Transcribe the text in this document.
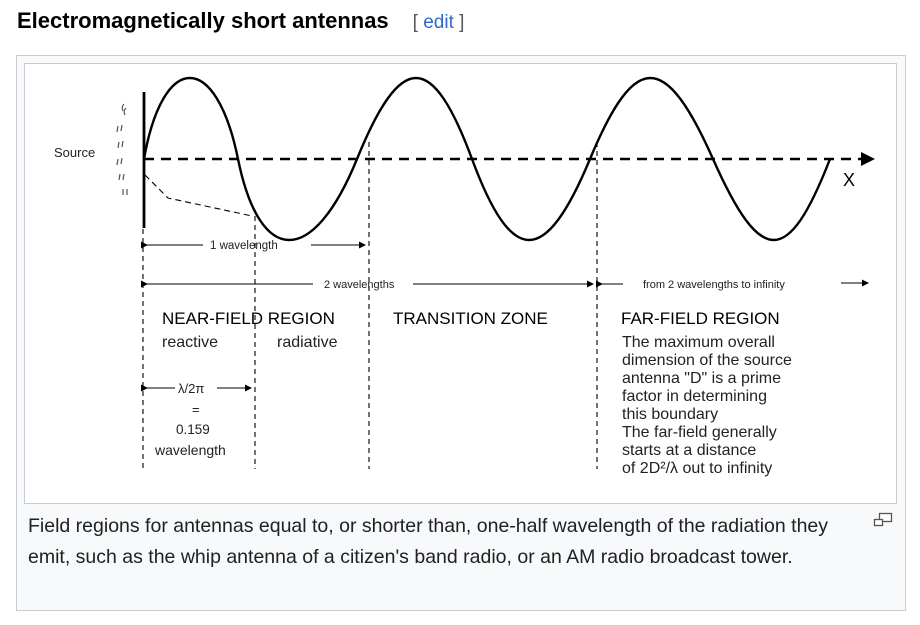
Electromagnetically short antennas [ edit ]
Source
X
1 wavelength
2 wavelengths	from 2 wavelengths to infinity
NEAR-FIELD REGION
reactive	radiative
λ/2π
=
0.159
wavelength
TRANSITION ZONE	FAR-FIELD REGION
The maximum overall
dimension of the source
antenna "D" is a prime
factor in determining
this boundary
The far-field generally
starts at a distance
of 2D²/λ out to infinity

Field regions for antennas equal to, or shorter than, one-half wavelength of the radiation they emit, such as the whip antenna of a citizen's band radio, or an AM radio broadcast tower.
